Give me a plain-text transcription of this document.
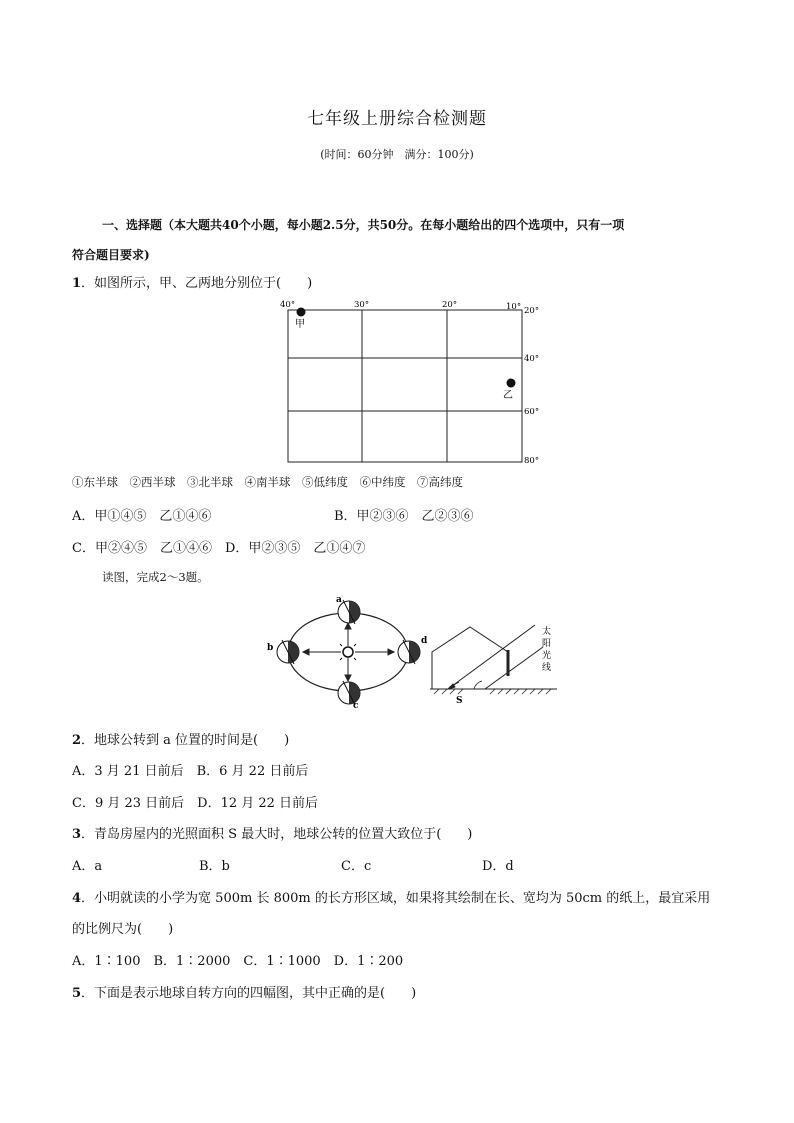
七年级上册综合检测题
(时间：60分钟　满分：100分)
一、选择题（本大题共40个小题，每小题2.5分，共50分。在每小题给出的四个选项中，只有一项
符合题目要求)
1．如图所示，甲、乙两地分别位于(　　)
40°	30°	20°	10° 20°
40°
60°
80°
甲
乙
①东半球　②西半球　③北半球　④南半球　⑤低纬度　⑥中纬度　⑦高纬度
A．甲①④⑤　乙①④⑥	B．甲②③⑥　乙②③⑥
C．甲②④⑤　乙①④⑥　D．甲②③⑤　乙①④⑦
读图，完成2～3题。
a
b
c
d
S
太
阳
光
线
2．地球公转到 a 位置的时间是(　　)
A．3 月 21 日前后　B．6 月 22 日前后
C．9 月 23 日前后　D．12 月 22 日前后
3．青岛房屋内的光照面积 S 最大时，地球公转的位置大致位于(　　)
A．a	B．b	C．c	D．d
4．小明就读的小学为宽 500m 长 800m 的长方形区域，如果将其绘制在长、宽均为 50cm 的纸上，最宜采用
的比例尺为(　　)
A．1∶100　B．1∶2000　C．1∶1000　D．1∶200
5．下面是表示地球自转方向的四幅图，其中正确的是(　　)
